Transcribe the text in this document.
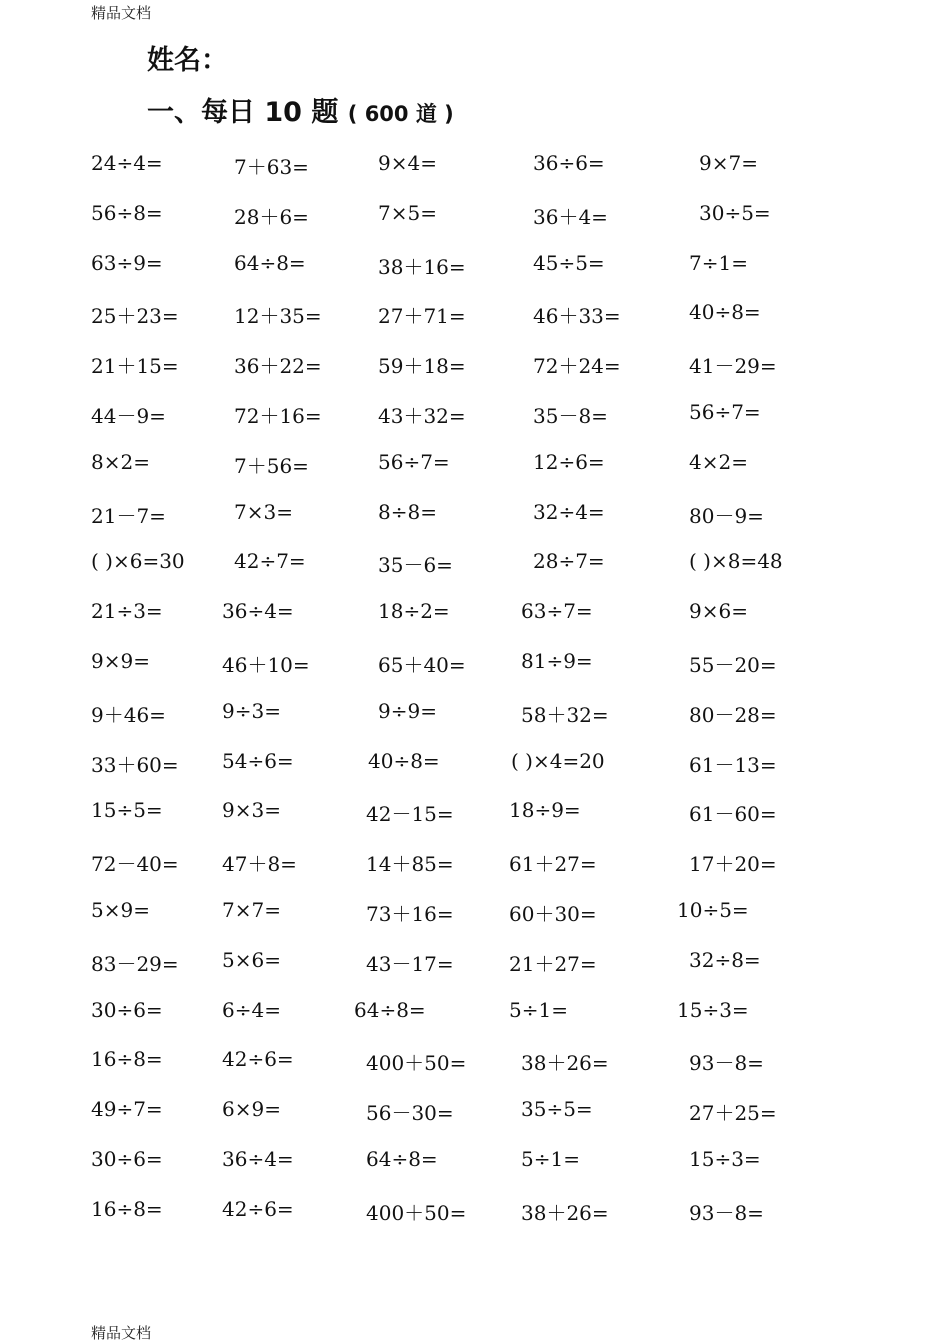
精品文档
姓名：
一、每日 10 题 ( 600 道 )
24÷4=	7＋63=	9×4=	36÷6=	9×7=
56÷8=	28＋6=	7×5=	36＋4=	30÷5=
63÷9=	64÷8=	38＋16=	45÷5=	7÷1=
25＋23=	12＋35=	27＋71=	46＋33=	40÷8=
21＋15=	36＋22=	59＋18=	72＋24=	41－29=
44－9=	72＋16=	43＋32=	35－8=	56÷7=
8×2=	7＋56=	56÷7=	12÷6=	4×2=
21－7=	7×3=	8÷8=	32÷4=	80－9=
( )×6=30 42÷7=	35－6=	28÷7=	( )×8=48
21÷3=	36÷4=	18÷2=	63÷7=	9×6=
9×9=	46＋10=	65＋40=	81÷9=	55－20=
9＋46=	9÷3=	9÷9=	58＋32=	80－28=
33＋60= 54÷6=	40÷8=	( )×4=20	61－13=
15÷5=	9×3=	42－15=	18÷9=	61－60=
72－40= 47＋8=	14＋85=	61＋27=	17＋20=
5×9=	7×7=	73＋16=	60＋30=	10÷5=
83－29= 5×6=	43－17=	21＋27=	32÷8=
30÷6=	6÷4=	64÷8=	5÷1=	15÷3=
16÷8=	42÷6=	400＋50=	38＋26=	93－8=
49÷7=	6×9=	56－30=	35÷5=	27＋25=
30÷6=	36÷4=	64÷8=	5÷1=	15÷3=
16÷8=	42÷6=	400＋50=	38＋26=	93－8=
精品文档
